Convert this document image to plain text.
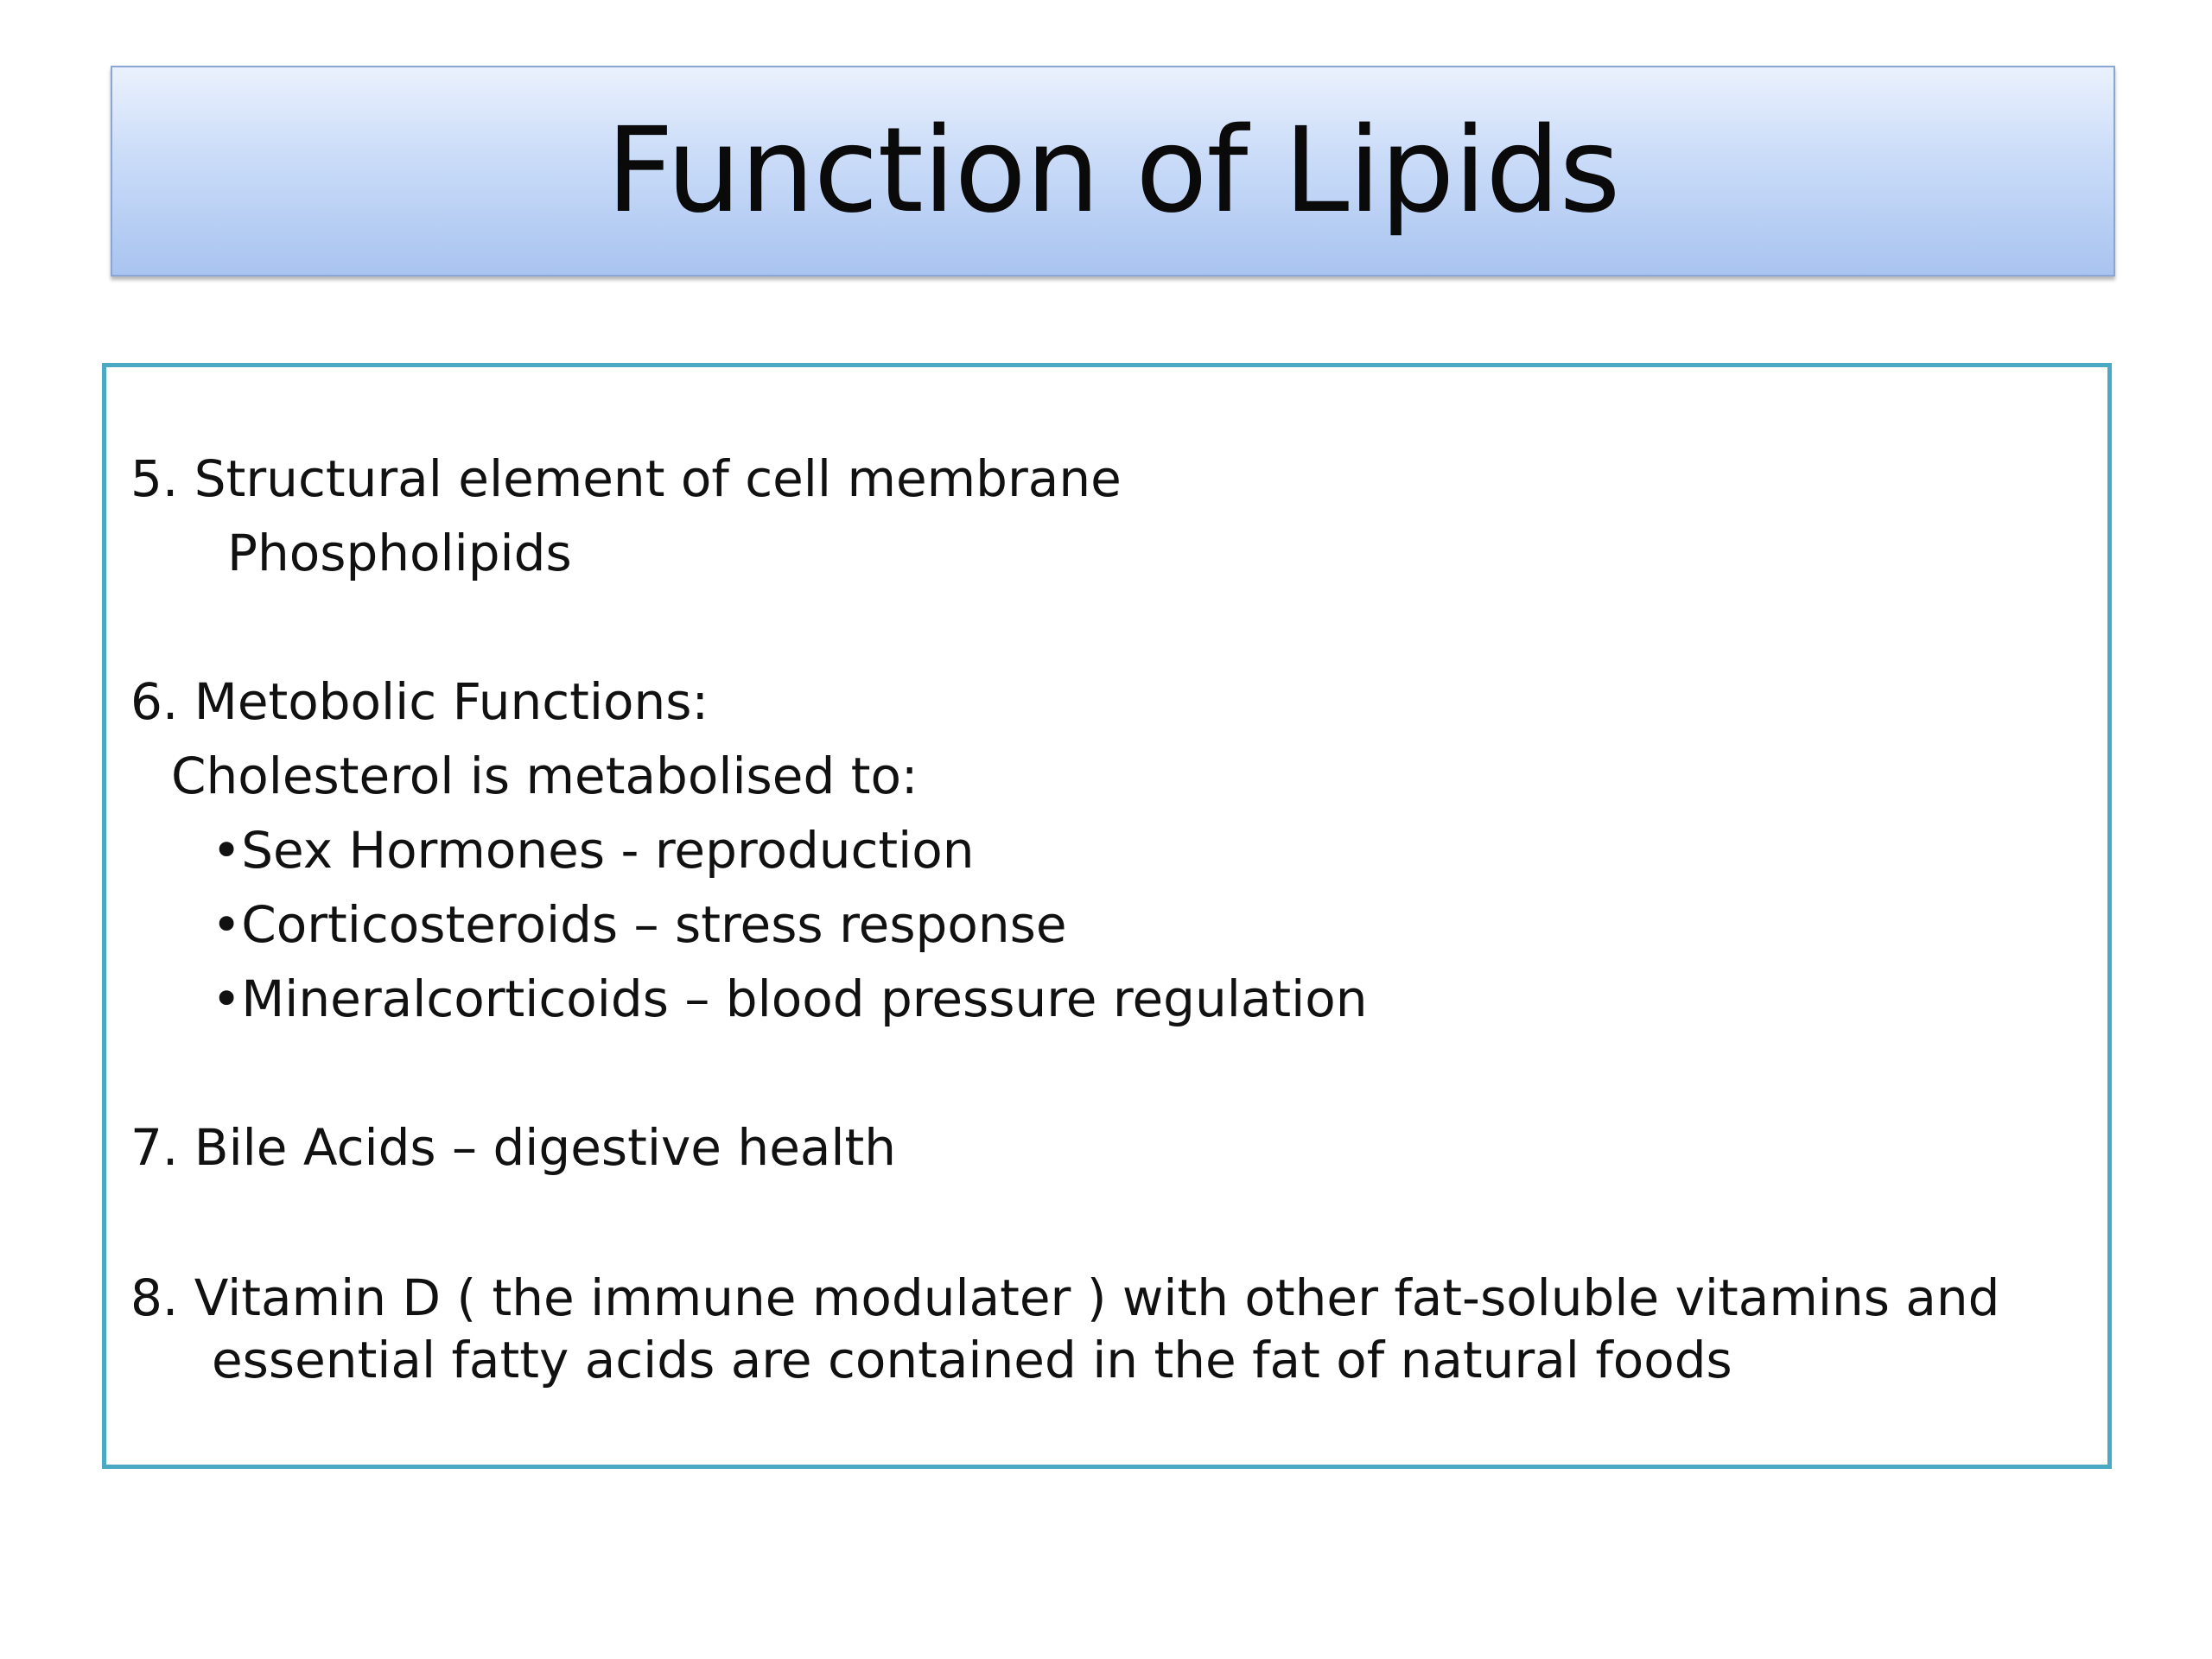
Function of Lipids
5. Structural element of cell membrane
Phospholipids
6. Metobolic Functions:
Cholesterol is metabolised to:
•Sex Hormones - reproduction
•Corticosteroids – stress response
•Mineralcorticoids – blood pressure regulation
7. Bile Acids – digestive health
8. Vitamin D ( the immune modulater ) with other fat-soluble vitamins and
essential fatty acids are contained in the fat of natural foods
